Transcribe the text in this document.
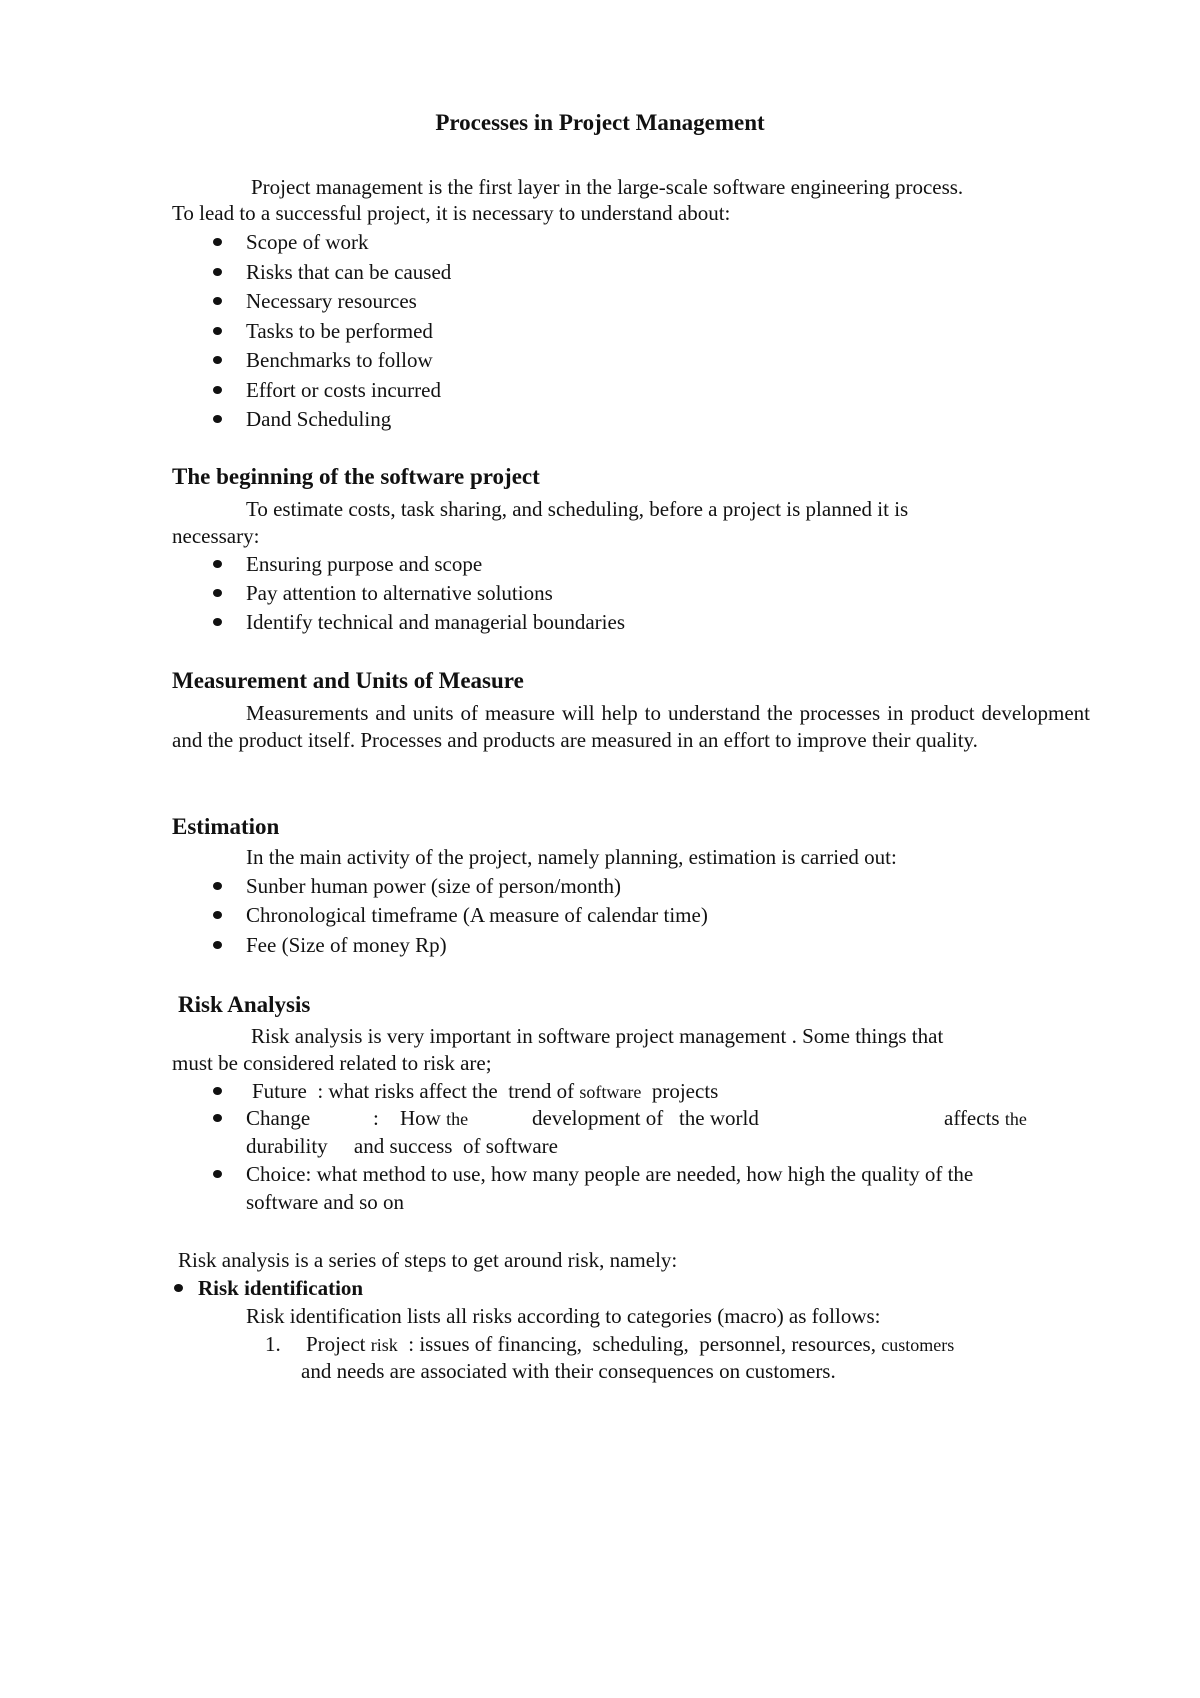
Processes in Project Management
Project management is the first layer in the large-scale software engineering process.
To lead to a successful project, it is necessary to understand about:
Scope of work
Risks that can be caused
Necessary resources
Tasks to be performed
Benchmarks to follow
Effort or costs incurred
Dand Scheduling
The beginning of the software project
To estimate costs, task sharing, and scheduling, before a project is planned it is
necessary:
Ensuring purpose and scope
Pay attention to alternative solutions
Identify technical and managerial boundaries
Measurement and Units of Measure
Measurements and units of measure will help to understand the processes in product development and the product itself. Processes and products are measured in an effort to improve their quality.
Estimation
In the main activity of the project, namely planning, estimation is carried out:
Sunber human power (size of person/month)
Chronological timeframe (A measure of calendar time)
Fee (Size of money Rp)
Risk Analysis
Risk analysis is very important in software project management . Some things that
must be considered related to risk are;
Future  : what risks affect the  trend of software  projects
Change	: How the	development of   the world	affects the
durability     and success  of software
Choice: what method to use, how many people are needed, how high the quality of the
software and so on
Risk analysis is a series of steps to get around risk, namely:
Risk identification
Risk identification lists all risks according to categories (macro) as follows:
1. Project risk  : issues of financing,  scheduling,  personnel, resources, customers
and needs are associated with their consequences on customers.
